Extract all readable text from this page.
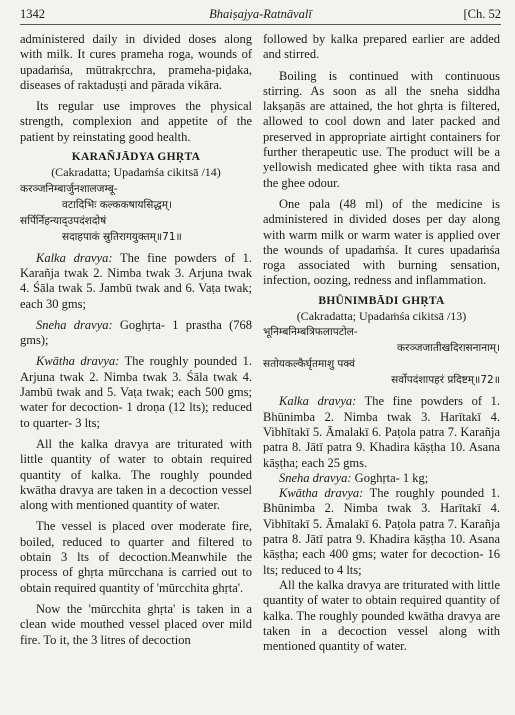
1342	Bhaiṣajya-Ratnāvalī	[Ch. 52

administered daily in divided doses along with milk. It cures prameha roga, wounds of upadaṁśa, mūtrakṛcchra, prameha-piḍaka, diseases of raktaduṣṭi and pārada vikāra.

Its regular use improves the physical strength, complexion and appetite of the patient by reinstating good health.

KARAÑJĀDYA GHṚTA
(Cakradatta; Upadaṁśa cikitsā /14)
करञ्जनिम्बार्जुनशालजम्बू-
वटादिभिः कल्ककषायसिद्धम्।
सर्पिर्निहन्याद्उपदंशदोषं
सदाहपाकं स्रुतिरागयुक्तम्॥71॥

Kalka dravya: The fine powders of 1. Karañja twak 2. Nimba twak 3. Arjuna twak 4. Śāla twak 5. Jambū twak and 6. Vaṭa twak; each 30 gms;

Sneha dravya: Goghṛta- 1 prastha (768 gms);

Kwātha dravya: The roughly pounded 1. Arjuna twak 2. Nimba twak 3. Śāla twak 4. Jambū twak and 5. Vaṭa twak; each 500 gms; water for decoction- 1 droṇa (12 lts); reduced to quarter- 3 lts;

All the kalka dravya are triturated with little quantity of water to obtain required quantity of kalka. The roughly pounded kwātha dravya are taken in a decoction vessel along with mentioned quantity of water.

The vessel is placed over moderate fire, boiled, reduced to quarter and filtered to obtain 3 lts of decoction.Meanwhile the process of ghṛta mūrcchana is carried out to obtain required quantity of 'mūrcchita ghṛta'.

Now the 'mūrcchita ghṛta' is taken in a clean wide mouthed vessel placed over mild fire. To it, the 3 litres of decoction

followed by kalka prepared earlier are added and stirred.

Boiling is continued with continuous stirring. As soon as all the sneha siddha lakṣaṇās are attained, the hot ghṛta is filtered, allowed to cool down and later packed and preserved in appropriate airtight containers for further therapeutic use. The product will be a yellowish medicated ghee with tikta rasa and the ghee odour.

One pala (48 ml) of the medicine is administered in divided doses per day along with warm milk or warm water is applied over the wounds of upadaṁśa. It cures upadaṁśa roga associated with burning sensation, infection, oozing, redness and inflammation.

BHŪNIMBĀDI GHṚTA
(Cakradatta; Upadaṁśa cikitsā /13)
भूनिम्बनिम्बत्रिफलापटोल-
करञ्जजातीखदिरासनानाम्।
सतोयकल्कैर्घृतमाशु पक्वं
सर्वोपदंशापहरं प्रदिष्टम्॥72॥

Kalka dravya: The fine powders of 1. Bhūnimba 2. Nimba twak 3. Harītakī 4. Vibhītakī 5. Āmalakī 6. Paṭola patra 7. Karañja patra 8. Jātī patra 9. Khadira kāṣṭha 10. Asana kāṣṭha; each 25 gms.

Sneha dravya: Goghṛta- 1 kg;

Kwātha dravya: The roughly pounded 1. Bhūnimba 2. Nimba twak 3. Harītakī 4. Vibhītakī 5. Āmalakī 6. Paṭola patra 7. Karañja patra 8. Jātī patra 9. Khadira kāṣṭha 10. Asana kāṣṭha; each 400 gms; water for decoction- 16 lts; reduced to 4 lts;

All the kalka dravya are triturated with little quantity of water to obtain required quantity of kalka. The roughly pounded kwātha dravya are taken in a decoction vessel along with mentioned quantity of water.
